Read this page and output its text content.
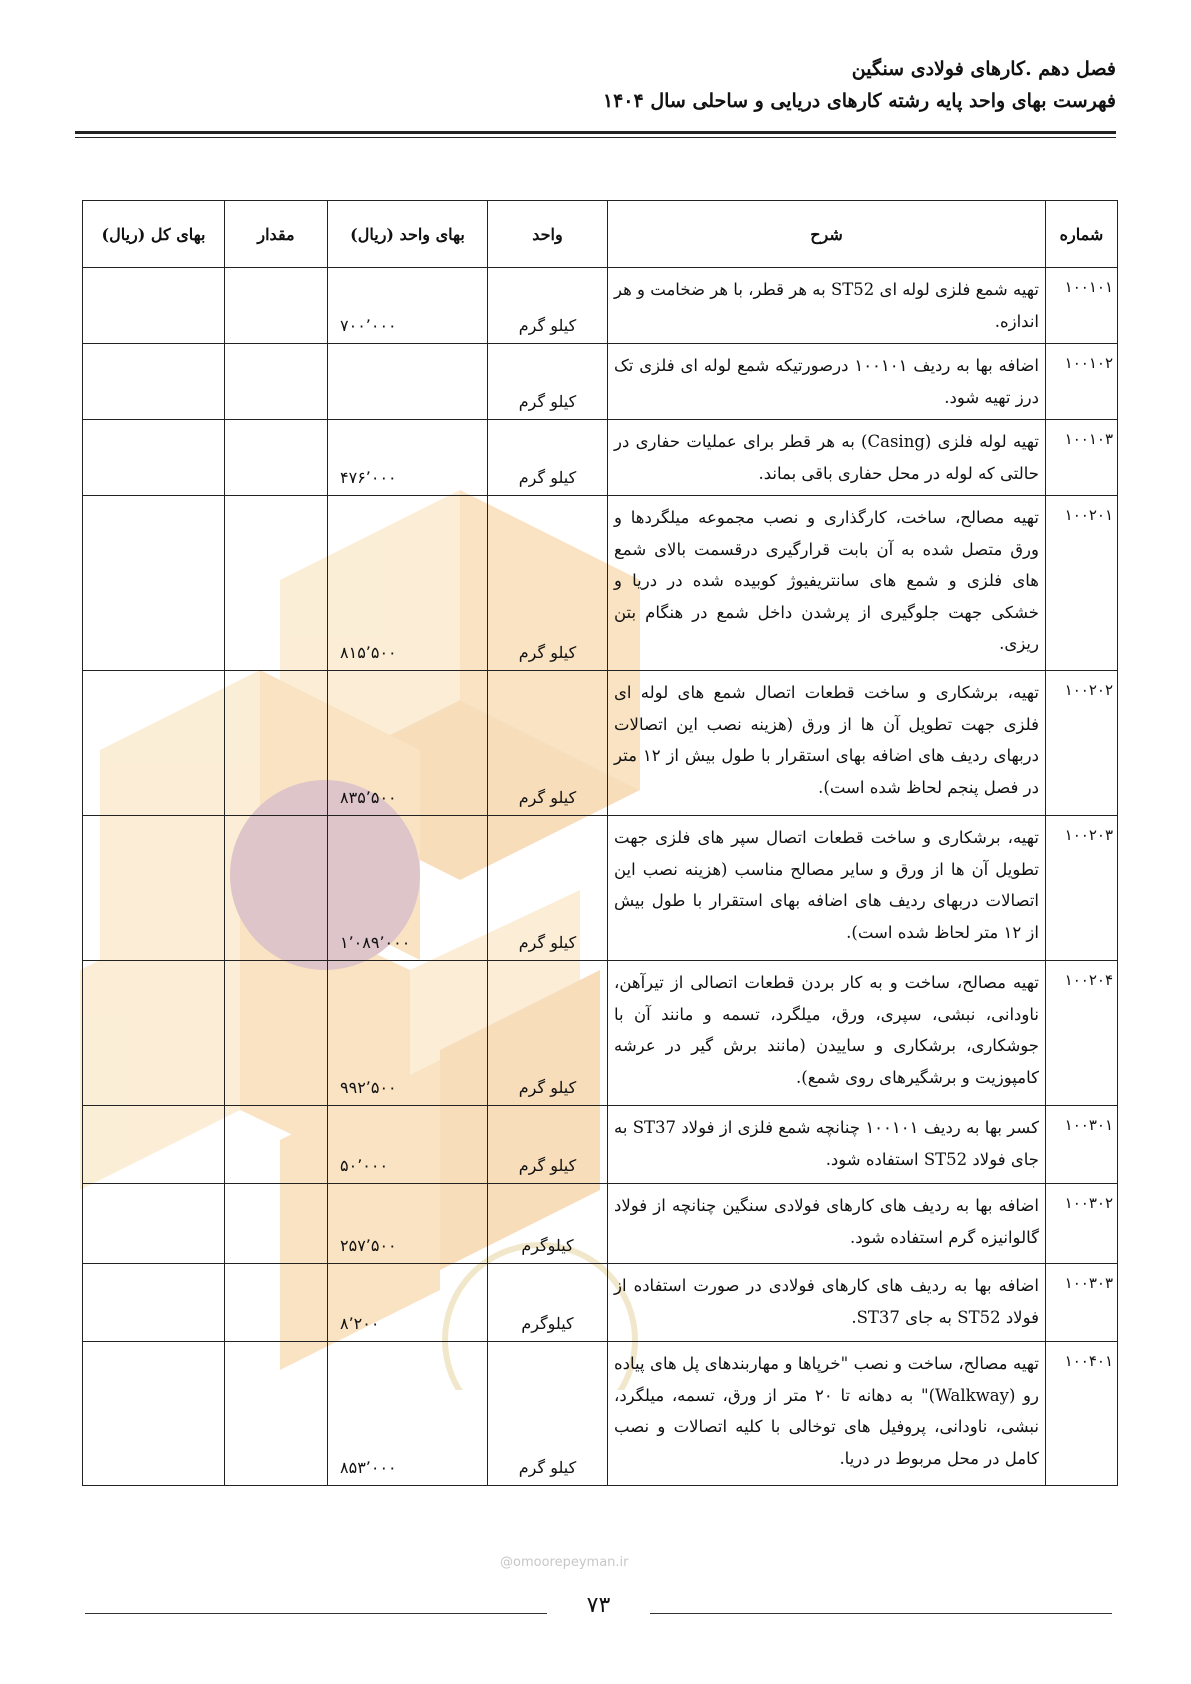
فصل دهم .کارهای فولادی سنگین
فهرست بهای واحد پایه رشته کارهای دریایی و ساحلی سال ۱۴۰۴
شماره	شرح	واحد	بهای واحد (ریال)	مقدار	بهای کل (ریال)
۱۰۰۱۰۱	تهیه شمع فلزی لوله ای ST52 به هر قطر، با هر ضخامت و هر اندازه.	کیلو گرم	۷۰۰٬۰۰۰		
۱۰۰۱۰۲	اضافه بها به ردیف ۱۰۰۱۰۱ درصورتیکه شمع لوله ای فلزی تک درز تهیه شود.	کیلو گرم			
۱۰۰۱۰۳	تهیه لوله فلزی (Casing) به هر قطر برای عملیات حفاری در حالتی که لوله در محل حفاری باقی بماند.	کیلو گرم	۴۷۶٬۰۰۰		
۱۰۰۲۰۱	تهیه مصالح، ساخت، کارگذاری و نصب مجموعه میلگردها و ورق متصل شده به آن بابت قرارگیری درقسمت بالای شمع های فلزی و شمع های سانتریفیوژ کوبیده شده در دریا و خشکی جهت جلوگیری از پرشدن داخل شمع در هنگام بتن ریزی.	کیلو گرم	۸۱۵٬۵۰۰		
۱۰۰۲۰۲	تهیه، برشکاری و ساخت قطعات اتصال شمع های لوله ای فلزی جهت تطویل آن ها از ورق (هزینه نصب این اتصالات دربهای ردیف های اضافه بهای استقرار با طول بیش از ۱۲ متر در فصل پنجم لحاظ شده است).	کیلو گرم	۸۳۵٬۵۰۰		
۱۰۰۲۰۳	تهیه، برشکاری و ساخت قطعات اتصال سپر های فلزی جهت تطویل آن ها از ورق و سایر مصالح مناسب (هزینه نصب این اتصالات دربهای ردیف های اضافه بهای استقرار با طول بیش از ۱۲ متر لحاظ شده است).	کیلو گرم	۱٬۰۸۹٬۰۰۰		
۱۰۰۲۰۴	تهیه مصالح، ساخت و به کار بردن قطعات اتصالی از تیرآهن، ناودانی، نبشی، سپری، ورق، میلگرد، تسمه و مانند آن با جوشکاری، برشکاری و ساییدن (مانند برش گیر در عرشه کامپوزیت و برشگیرهای روی شمع).	کیلو گرم	۹۹۲٬۵۰۰		
۱۰۰۳۰۱	کسر بها به ردیف ۱۰۰۱۰۱ چنانچه شمع فلزی از فولاد ST37 به جای فولاد ST52 استفاده شود.	کیلو گرم	۵۰٬۰۰۰		
۱۰۰۳۰۲	اضافه بها به ردیف های کارهای فولادی سنگین چنانچه از فولاد گالوانیزه گرم استفاده شود.	کیلوگرم	۲۵۷٬۵۰۰		
۱۰۰۳۰۳	اضافه بها به ردیف های کارهای فولادی در صورت استفاده از فولاد ST52 به جای ST37.	کیلوگرم	۸٬۲۰۰		
۱۰۰۴۰۱	تهیه مصالح، ساخت و نصب "خرپاها و مهاربندهای پل های پیاده رو (Walkway)" به دهانه تا ۲۰ متر از ورق، تسمه، میلگرد، نبشی، ناودانی، پروفیل های توخالی با کلیه اتصالات و نصب کامل در محل مربوط در دریا.	کیلو گرم	۸۵۳٬۰۰۰		
@omoorepeyman.ir
۷۳
